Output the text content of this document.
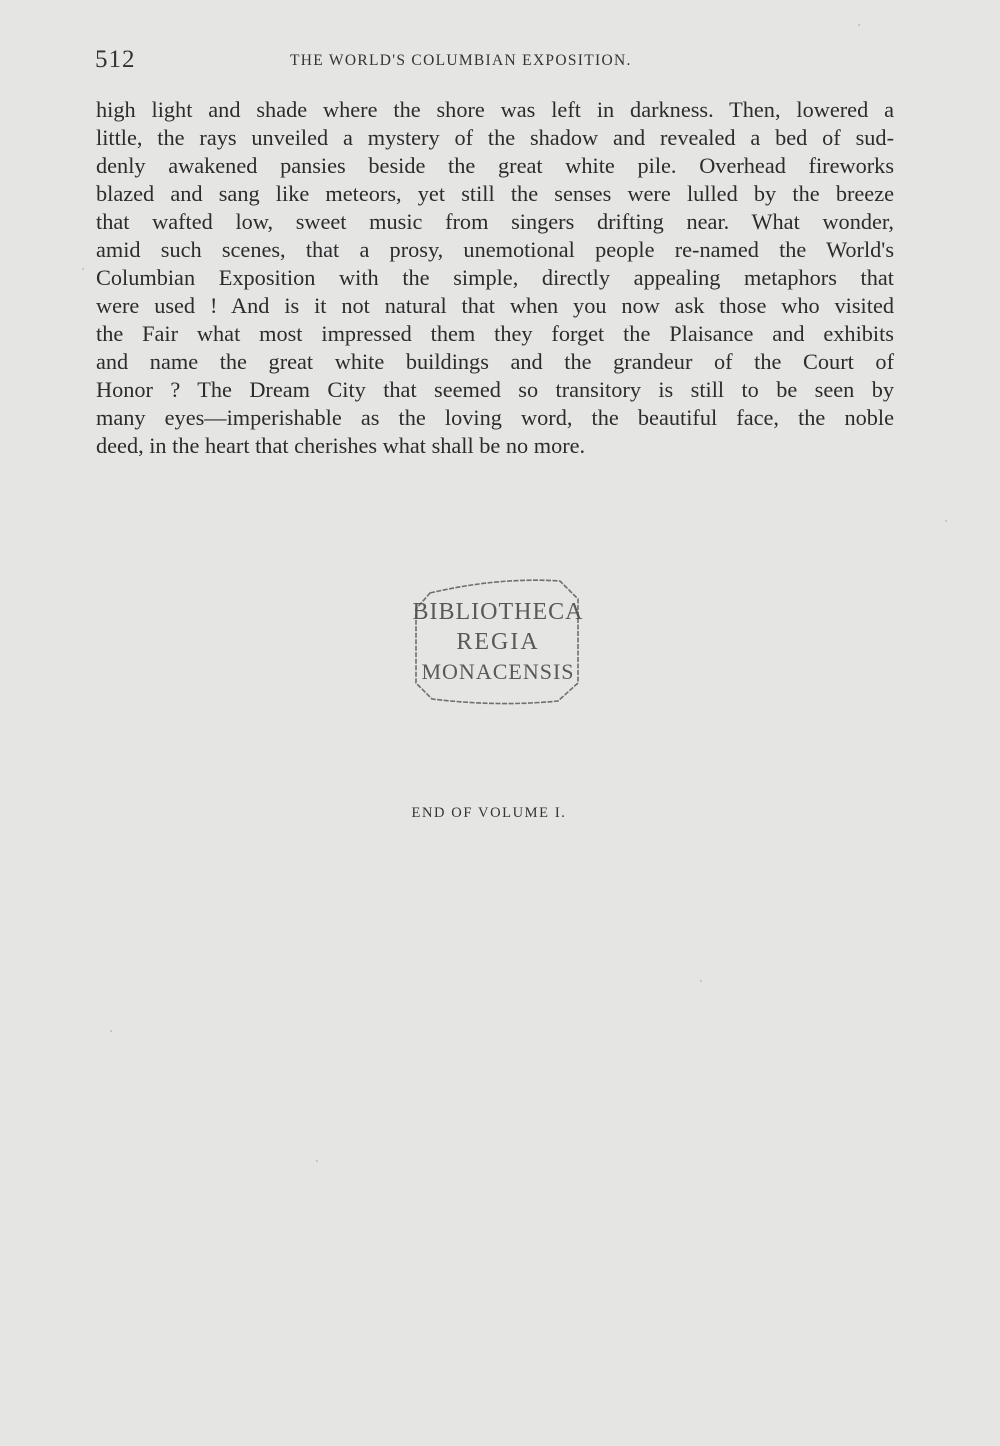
512	THE WORLD'S COLUMBIAN EXPOSITION.
high light and shade where the shore was left in darkness. Then, lowered a
little, the rays unveiled a mystery of the shadow and revealed a bed of sud-
denly awakened pansies beside the great white pile. Overhead fireworks
blazed and sang like meteors, yet still the senses were lulled by the breeze
that wafted low, sweet music from singers drifting near. What wonder,
amid such scenes, that a prosy, unemotional people re-named the World's
Columbian Exposition with the simple, directly appealing metaphors that
were used ! And is it not natural that when you now ask those who visited
the Fair what most impressed them they forget the Plaisance and exhibits
and name the great white buildings and the grandeur of the Court of
Honor ? The Dream City that seemed so transitory is still to be seen by
many eyes—imperishable as the loving word, the beautiful face, the noble
deed, in the heart that cherishes what shall be no more.
BIBLIOTHECA
REGIA
MONACENSIS
END OF VOLUME I.
